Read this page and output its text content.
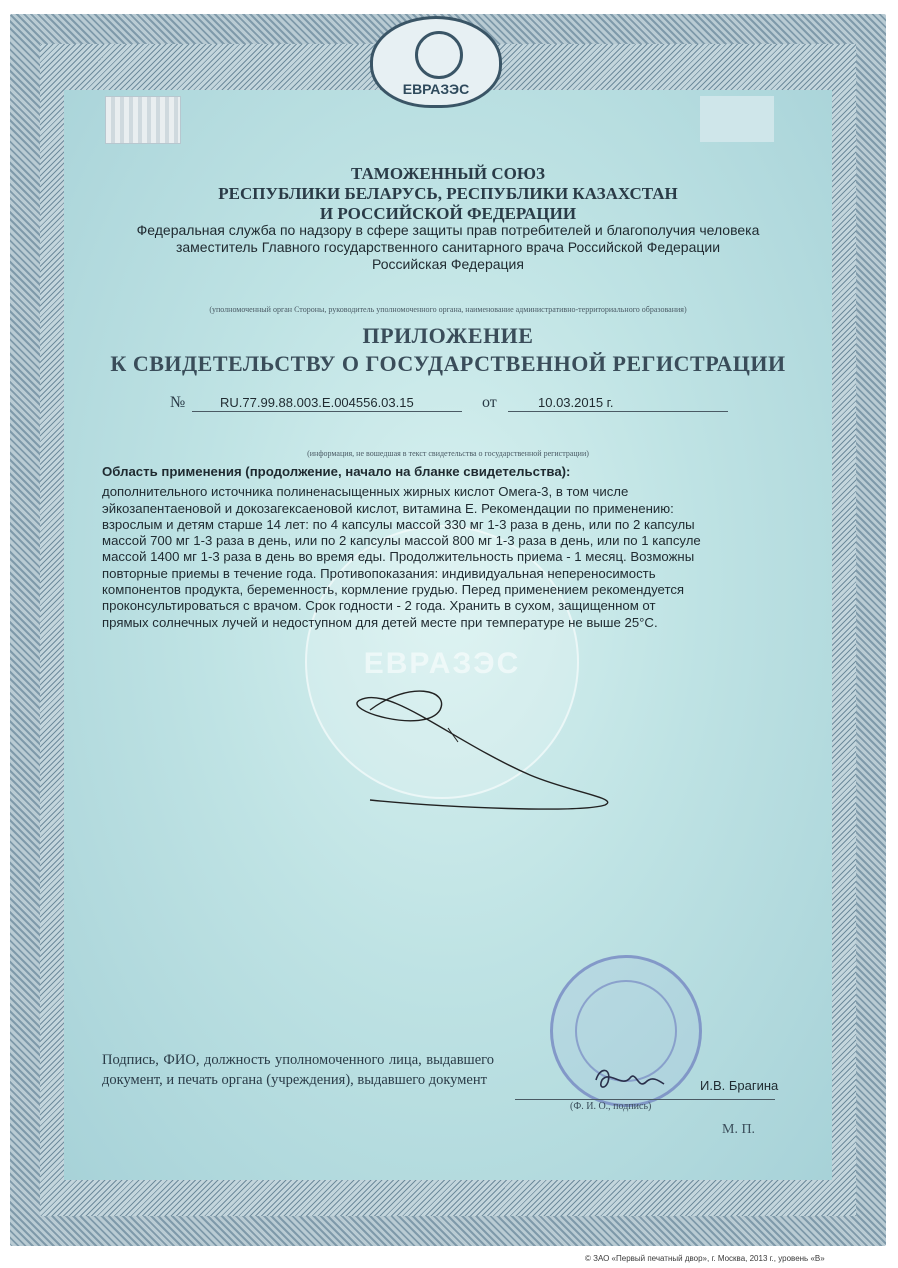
ЕВРАЗЭС
ЕВРАЗЭС
ТАМОЖЕННЫЙ СОЮЗ
РЕСПУБЛИКИ БЕЛАРУСЬ, РЕСПУБЛИКИ КАЗАХСТАН
И РОССИЙСКОЙ ФЕДЕРАЦИИ
Федеральная служба по надзору в сфере защиты прав потребителей и благополучия человека
заместитель Главного государственного санитарного врача Российской Федерации
Российская Федерация
(уполномоченный орган Стороны, руководитель уполномоченного органа, наименование административно-территориального образования)
ПРИЛОЖЕНИЕ
К СВИДЕТЕЛЬСТВУ О ГОСУДАРСТВЕННОЙ РЕГИСТРАЦИИ
№	RU.77.99.88.003.Е.004556.03.15	от	10.03.2015 г.
(информация, не вошедшая в текст свидетельства о государственной регистрации)
Область применения (продолжение, начало на бланке свидетельства):
дополнительного источника полиненасыщенных жирных кислот Омега-3, в том числе
эйкозапентаеновой и докозагексаеновой кислот, витамина Е. Рекомендации по применению:
взрослым и детям старше 14 лет: по 4 капсулы массой 330 мг 1-3 раза в день, или по 2 капсулы
массой 700 мг 1-3 раза в день, или по 2 капсулы массой 800 мг 1-3 раза в день, или по 1 капсуле
массой 1400 мг 1-3 раза в день во время еды. Продолжительность приема - 1 месяц. Возможны
повторные приемы в течение года. Противопоказания: индивидуальная непереносимость
компонентов продукта, беременность, кормление грудью. Перед применением рекомендуется
проконсультироваться с врачом. Срок годности - 2 года. Хранить в сухом, защищенном от
прямых солнечных лучей и недоступном для детей месте при температуре не выше 25°С.
Подпись, ФИО, должность уполномоченного лица, выдавшего документ, и печать органа (учреждения), выдавшего документ	И.В. Брагина
(Ф. И. О., подпись)
М. П.
© ЗАО «Первый печатный двор», г. Москва, 2013 г., уровень «В»
